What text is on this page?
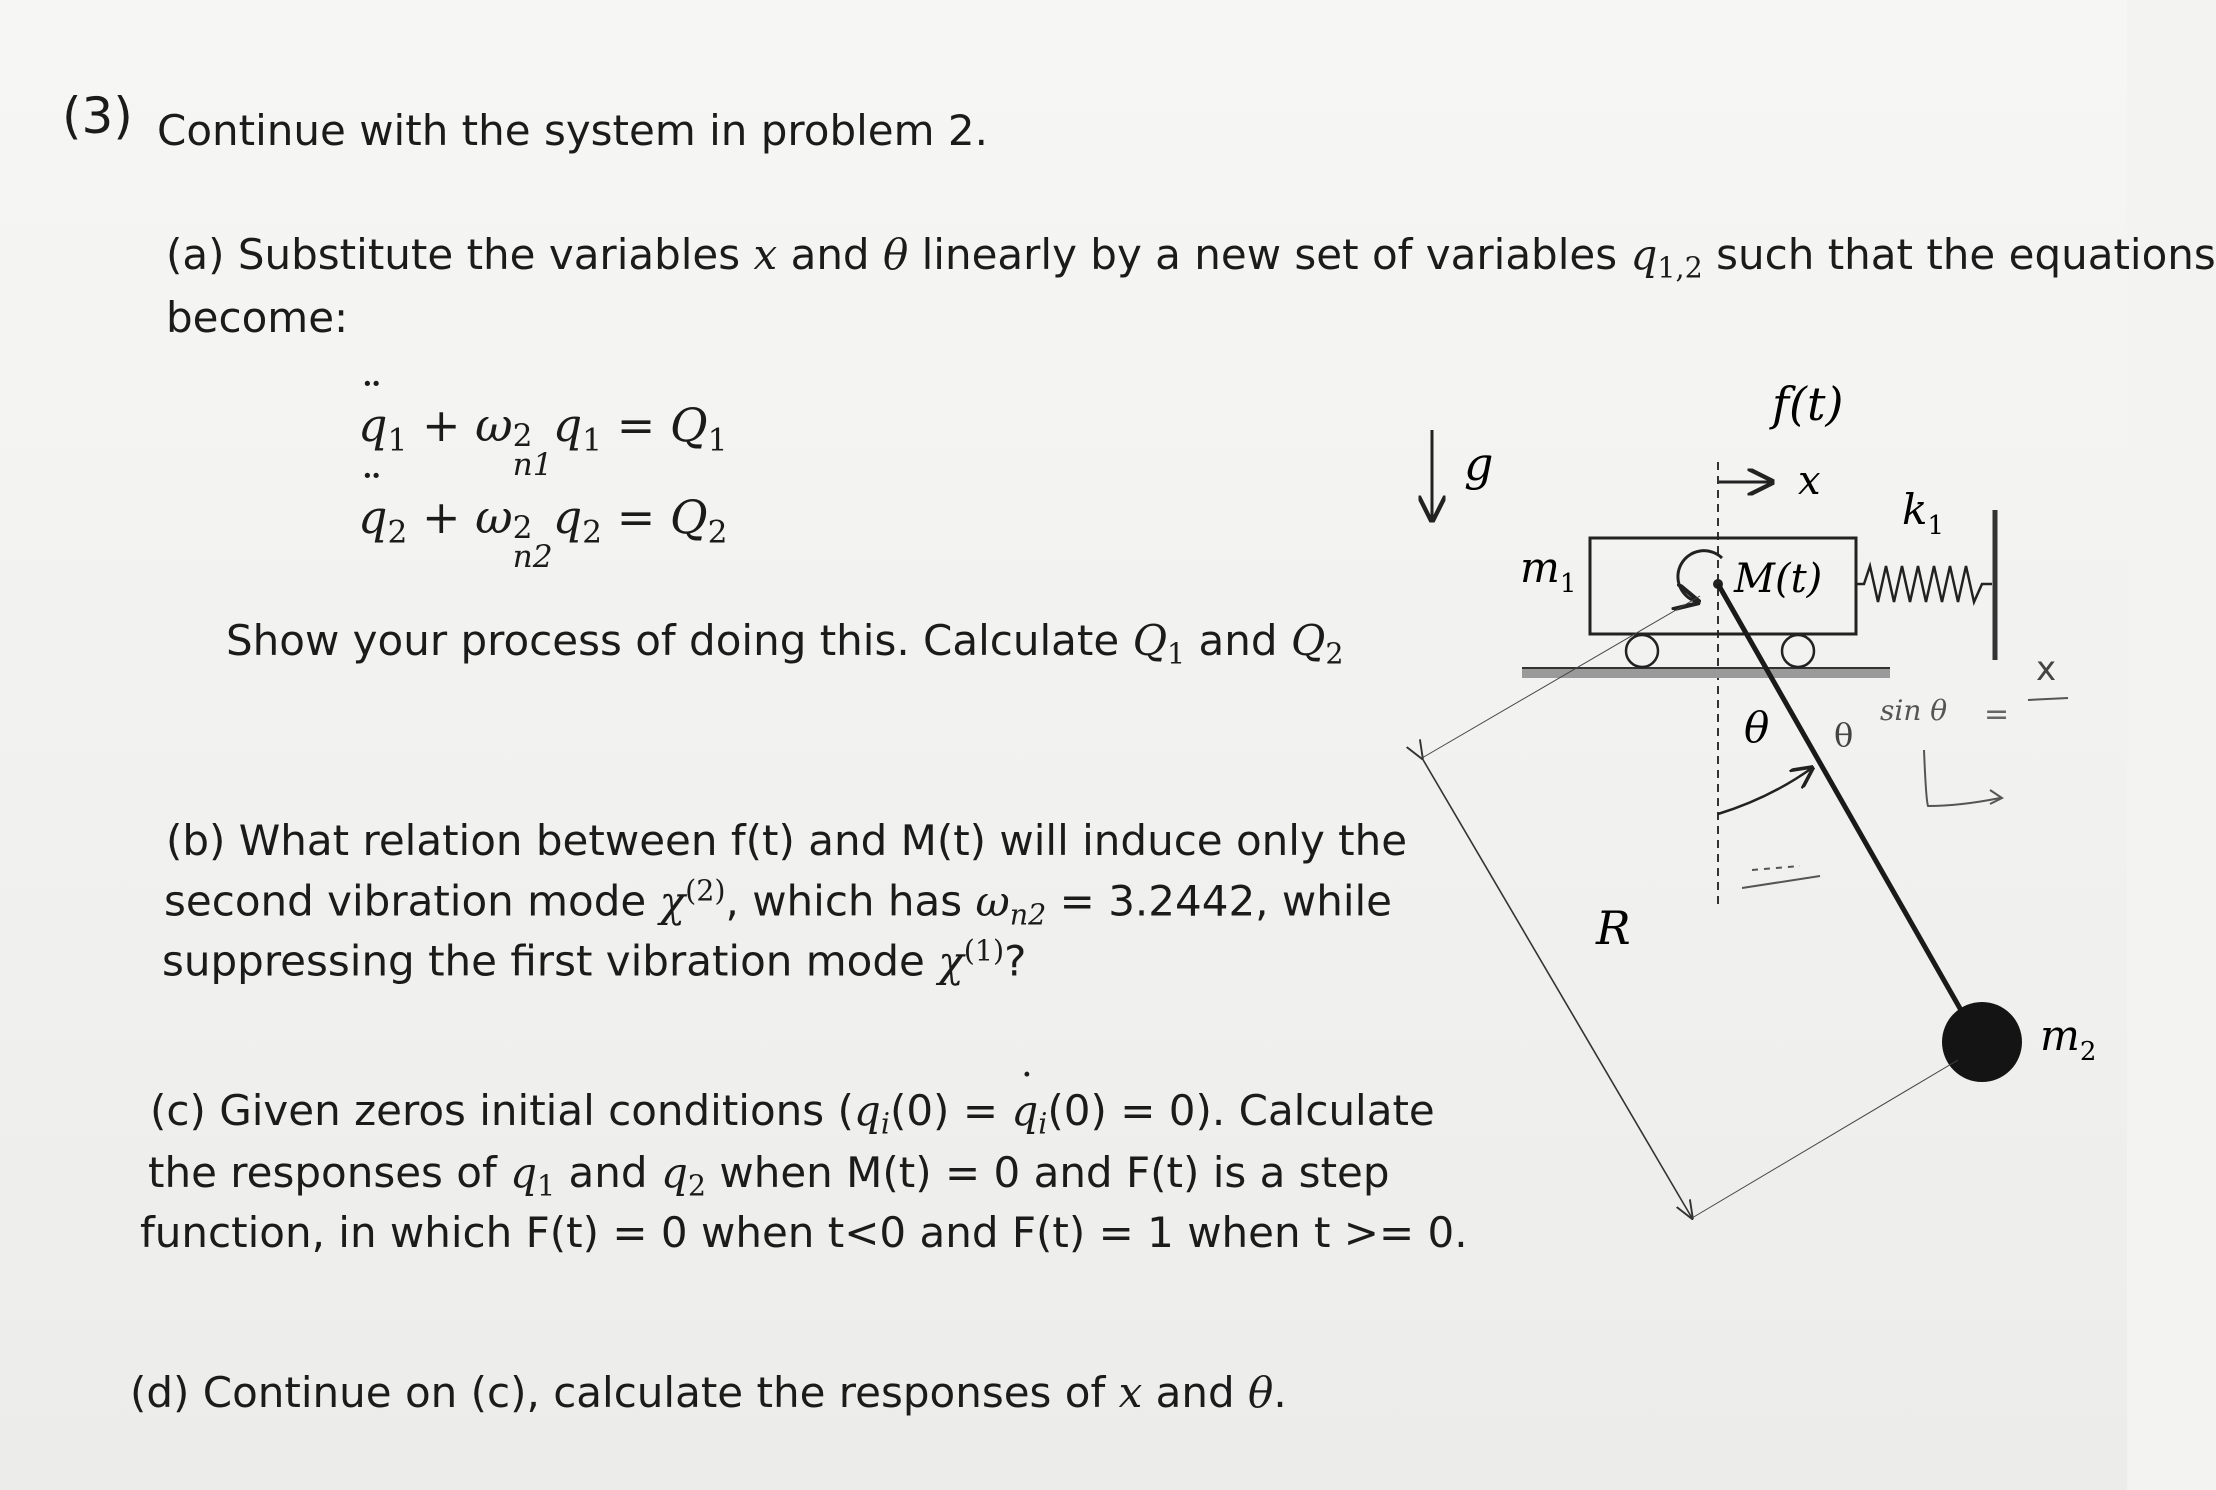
(3) Continue with the system in problem 2.
(a) Substitute the variables x and θ linearly by a new set of variables $q_{1,2}$ such that the equations
become:
¨ $q_1 + \omega$ 2
n1
$q_1 = Q_1$
¨ $q_2 + \omega$ 2
n2
$q_2 = Q_2$
Show your process of doing this. Calculate $Q_1$ and $Q_2$
(b) What relation between f(t) and M(t) will induce only the
second vibration mode $\chi^{(2)}$, which has $\omega_{n2} = 3.2442$, while
suppressing the first vibration mode $\chi^{(1)}$?
(c) Given zeros initial conditions ($q_i(0)$ = ˙ $q_i(0) = 0$). Calculate
the responses of $q_1$ and $q_2$ when M(t) = 0 and F(t) is a step
function, in which F(t) = 0 when t<0 and F(t) = 1 when t >= 0.
(d) Continue on (c), calculate the responses of x and θ.
g
f(t)
x
$m_1$	M(t)
$k_1$
$m_2$
θ
R
θ
sin θ =
x
